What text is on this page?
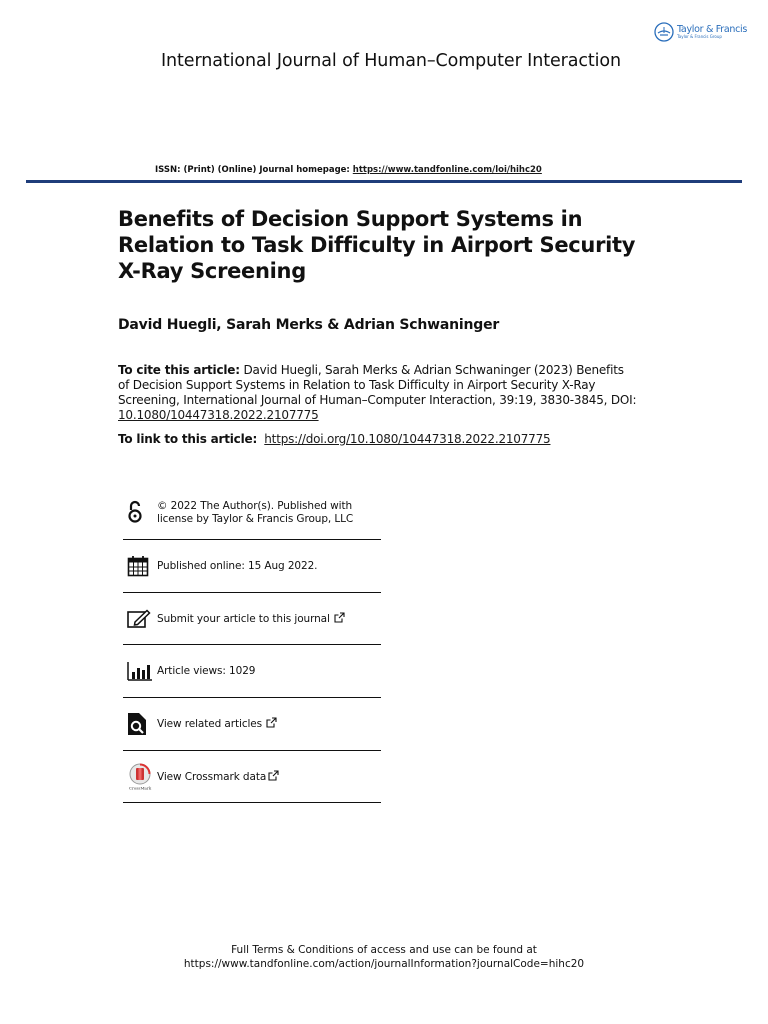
Taylor & Francis
Taylor & Francis Group
International Journal of Human–Computer Interaction
ISSN: (Print) (Online) Journal homepage: https://www.tandfonline.com/loi/hihc20
Benefits of Decision Support Systems in Relation to Task Difficulty in Airport Security X-Ray Screening
David Huegli, Sarah Merks & Adrian Schwaninger
To cite this article: David Huegli, Sarah Merks & Adrian Schwaninger (2023) Benefits of Decision Support Systems in Relation to Task Difficulty in Airport Security X-Ray Screening, International Journal of Human–Computer Interaction, 39:19, 3830-3845, DOI: 10.1080/10447318.2022.2107775
To link to this article: https://doi.org/10.1080/10447318.2022.2107775
© 2022 The Author(s). Published with license by Taylor & Francis Group, LLC
Published online: 15 Aug 2022.
Submit your article to this journal
Article views: 1029
View related articles
CrossMark
View Crossmark data
Full Terms & Conditions of access and use can be found at
https://www.tandfonline.com/action/journalInformation?journalCode=hihc20
